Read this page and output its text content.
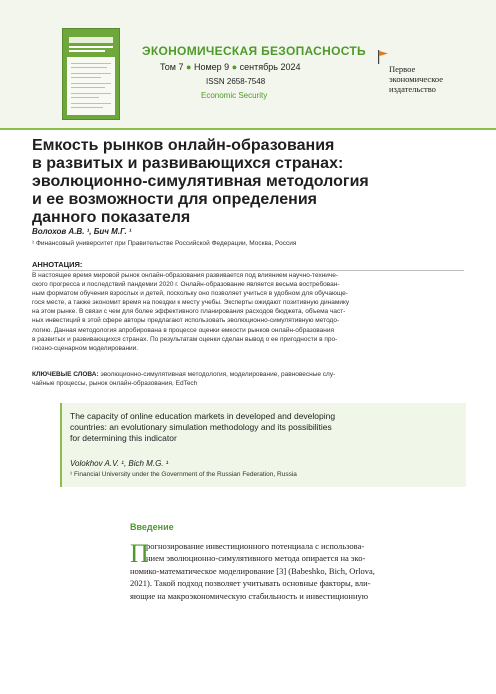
ЭКОНОМИЧЕСКАЯ БЕЗОПАСНОСТЬ
Том 7 ● Номер 9 ● сентябрь 2024
ISSN 2658-7548
Economic Security
Первое
экономическое
издательство
Емкость рынков онлайн-образования
в развитых и развивающихся странах:
эволюционно-симулятивная методология
и ее возможности для определения
данного показателя
Волохов А.В. ¹, Бич М.Г. ¹
¹ Финансовый университет при Правительстве Российской Федерации, Москва, Россия
АННОТАЦИЯ:
В настоящее время мировой рынок онлайн-образования развивается под влиянием научно-техниче-
ского прогресса и последствий пандемии 2020 г. Онлайн-образование является весьма востребован-
ным форматом обучения взрослых и детей, поскольку оно позволяет учиться в удобном для обучающе-
гося месте, а также экономит время на поездки к месту учебы. Эксперты ожидают позитивную динамику
на этом рынке. В связи с чем для более эффективного планирования расходов бюджета, объема част-
ных инвестиций в этой сфере авторы предлагают использовать эволюционно-симулятивную методо-
логию. Данная методология апробирована в процессе оценки емкости рынков онлайн-образования
в развитых и развивающихся странах. По результатам оценки сделан вывод о ее пригодности в про-
гнозно-сценарном моделировании.
КЛЮЧЕВЫЕ СЛОВА: эволюционно-симулятивная методология, моделирование, равновесные слу-
чайные процессы, рынок онлайн-образования, EdTech
The capacity of online education markets in developed and developing
countries: an evolutionary simulation methodology and its possibilities
for determining this indicator
Volokhov A.V. ¹, Bich M.G. ¹
¹ Financial University under the Government of the Russian Federation, Russia
Введение
П
рогнозирование инвестиционного потенциала с использова-
нием эволюционно-симулятивного метода опирается на эко-
номико-математическое моделирование [3] (Babeshko, Bich, Orlova,
2021). Такой подход позволяет учитывать основные факторы, вли-
яющие на макроэкономическую стабильность и инвестиционную
